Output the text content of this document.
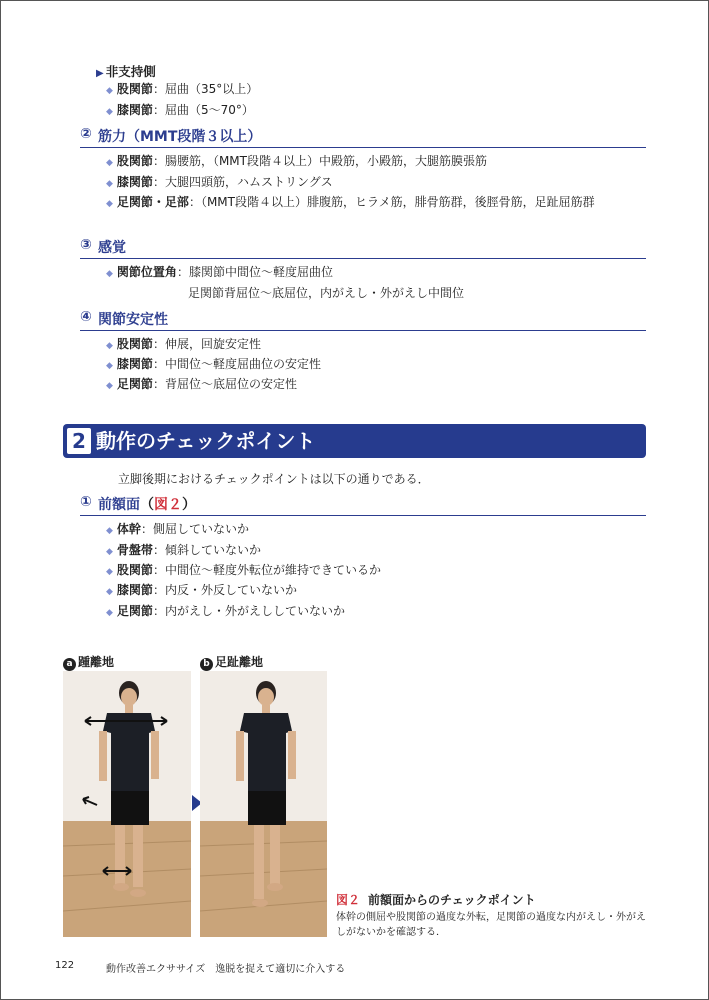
▶ 非支持側
◆ 股関節：屈曲（35°以上）
◆ 膝関節：屈曲（5～70°）
② 筋力（MMT段階３以上）
◆ 股関節：腸腰筋，（MMT段階４以上）中殿筋，小殿筋，大腿筋膜張筋
◆ 膝関節：大腿四頭筋，ハムストリングス
◆ 足関節・足部：（MMT段階４以上）腓腹筋，ヒラメ筋，腓骨筋群，後脛骨筋，足趾屈筋群
③ 感覚
◆ 関節位置角：膝関節中間位～軽度屈曲位
足関節背屈位～底屈位，内がえし・外がえし中間位
④ 関節安定性
◆ 股関節：伸展，回旋安定性
◆ 膝関節：中間位～軽度屈曲位の安定性
◆ 足関節：背屈位～底屈位の安定性
2 動作のチェックポイント
立脚後期におけるチェックポイントは以下の通りである．
① 前額面（図２）
◆ 体幹：側屈していないか
◆ 骨盤帯：傾斜していないか
◆ 股関節：中間位～軽度外転位が維持できているか
◆ 膝関節：内反・外反していないか
◆ 足関節：内がえし・外がえししていないか
a 踵離地	b 足趾離地
図２ 前額面からのチェックポイント
体幹の側屈や股関節の過度な外転，足関節の過度な内がえし・外がえしがないかを確認する．
122	動作改善エクササイズ　逸脱を捉えて適切に介入する
